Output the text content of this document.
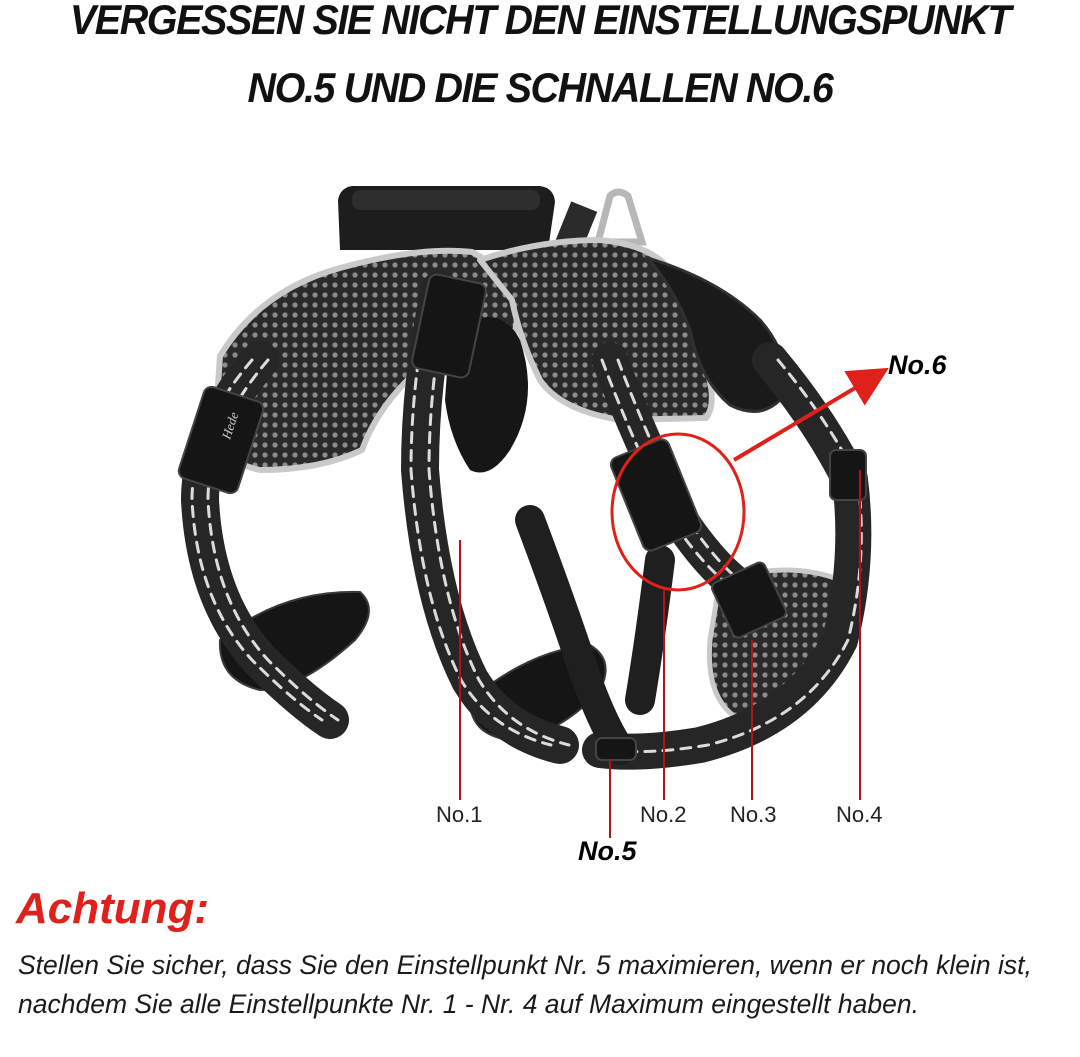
VERGESSEN SIE NICHT DEN EINSTELLUNGSPUNKT
NO.5 UND DIE SCHNALLEN NO.6
Hede
No.1	No.2 No.3	No.4
No.5
No.6
Achtung:

Stellen Sie sicher, dass Sie den Einstellpunkt Nr. 5 maximieren, wenn er noch klein ist, nachdem Sie alle Einstellpunkte Nr. 1 - Nr. 4 auf Maximum eingestellt haben.
